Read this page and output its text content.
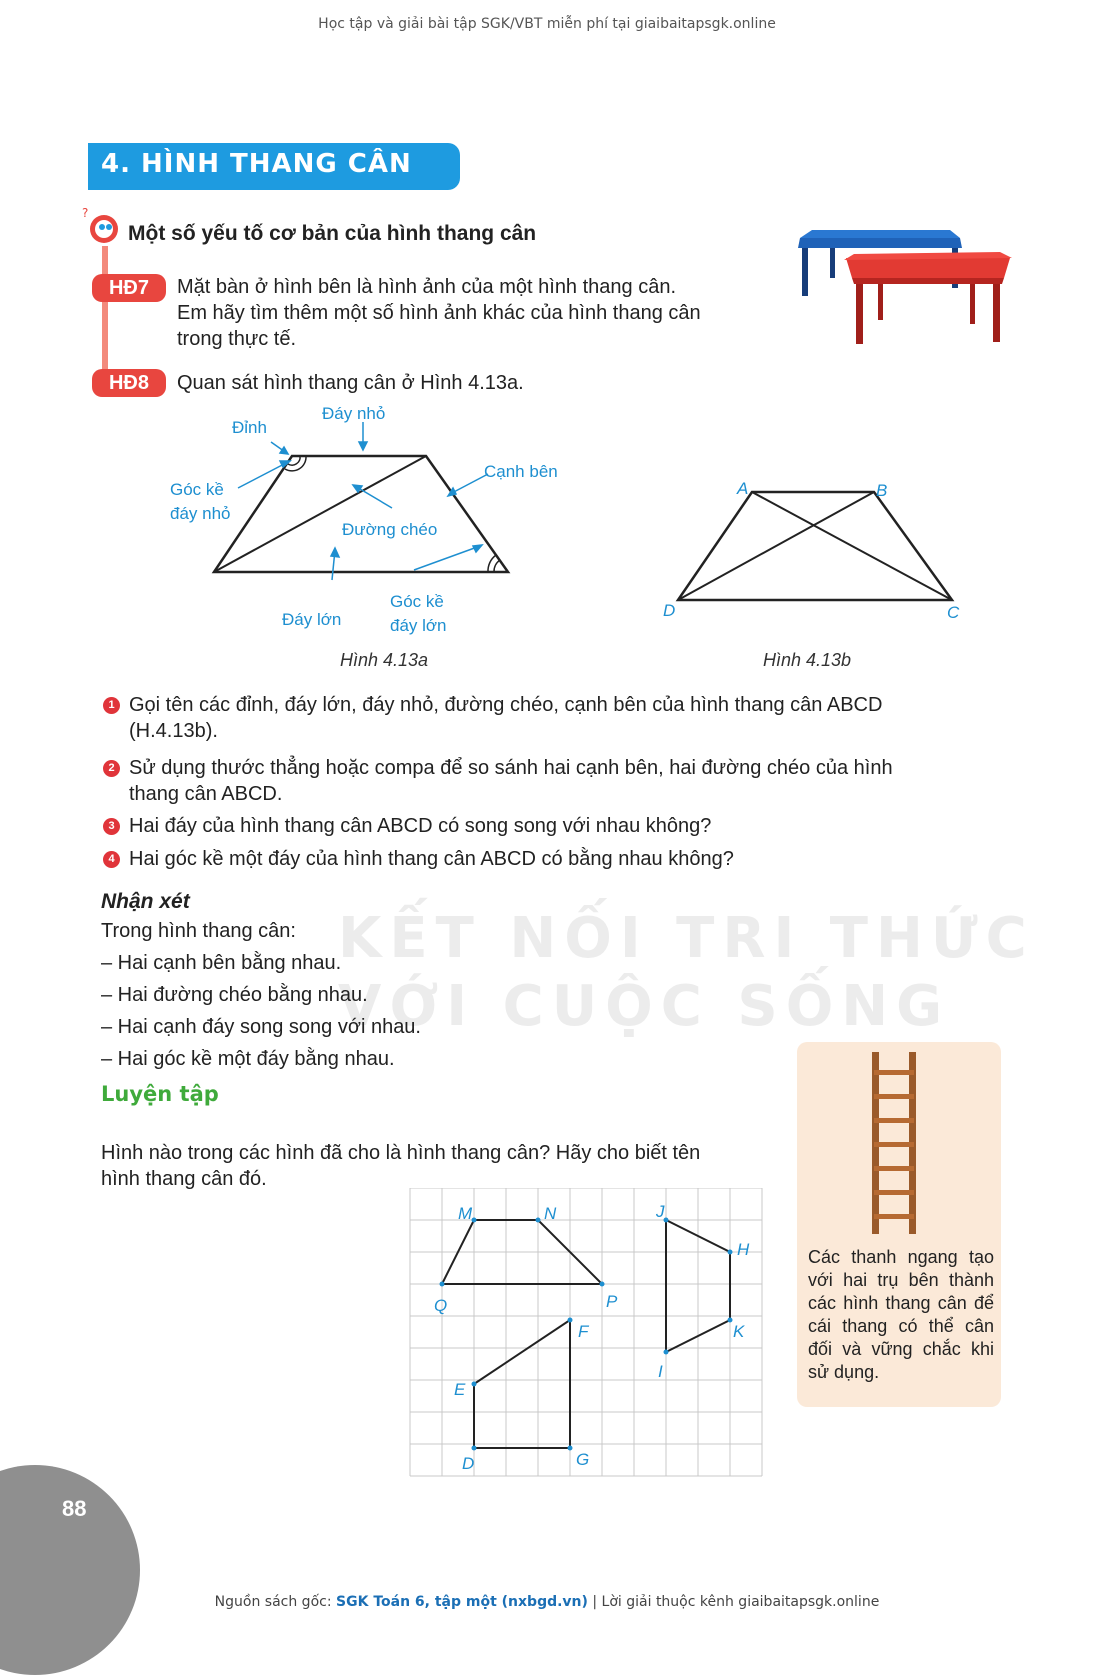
Học tập và giải bài tập SGK/VBT miễn phí tại giaibaitapsgk.online
KẾT NỐI TRI THỨC
VỚI CUỘC SỐNG
4. HÌNH THANG CÂN
?
Một số yếu tố cơ bản của hình thang cân
HĐ7	Mặt bàn ở hình bên là hình ảnh của một hình thang cân.
Em hãy tìm thêm một số hình ảnh khác của hình thang cân
trong thực tế.
HĐ8	Quan sát hình thang cân ở Hình 4.13a.
Đỉnh
Đáy nhỏ
Cạnh bên
Góc kề
đáy nhỏ
Đường chéo
Góc kề
đáy lớn
Đáy lớn
Hình 4.13a
A	B
D	C
Hình 4.13b
1 Gọi tên các đỉnh, đáy lớn, đáy nhỏ, đường chéo, cạnh bên của hình thang cân ABCD
(H.4.13b).
2 Sử dụng thước thẳng hoặc compa để so sánh hai cạnh bên, hai đường chéo của hình
thang cân ABCD.
3 Hai đáy của hình thang cân ABCD có song song với nhau không?
4 Hai góc kề một đáy của hình thang cân ABCD có bằng nhau không?
Nhận xét
Trong hình thang cân:
– Hai cạnh bên bằng nhau.
– Hai đường chéo bằng nhau.
– Hai cạnh đáy song song với nhau.
– Hai góc kề một đáy bằng nhau.
Luyện tập
Hình nào trong các hình đã cho là hình thang cân? Hãy cho biết tên
hình thang cân đó.
M	N
P
Q
J
H
K
I
F
E
G
D
Các thanh ngang tạo với hai trụ bên thành các hình thang cân để cái thang có thể cân đối và vững chắc khi sử dụng.
88
Nguồn sách gốc: SGK Toán 6, tập một (nxbgd.vn) | Lời giải thuộc kênh giaibaitapsgk.online
